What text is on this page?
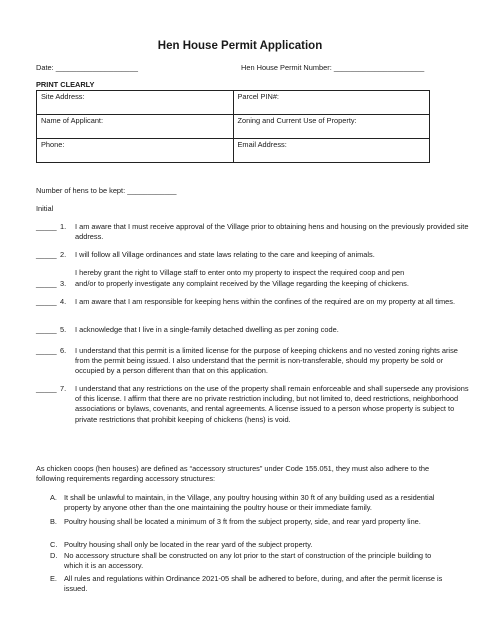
Hen House Permit Application
Date: ____________________	Hen House Permit Number: ______________________
PRINT CLEARLY
Site Address:	Parcel PIN#:
Name of Applicant:	Zoning and Current Use of Property:
Phone:	Email Address:
Number of hens to be kept: ____________
Initial
_____ 1. I am aware that I must receive approval of the Village prior to obtaining hens and housing on the previously provided site address.
_____ 2. I will follow all Village ordinances and state laws relating to the care and keeping of animals.
I hereby grant the right to Village staff to enter onto my property to inspect the required coop and pen
_____ 3. and/or to properly investigate any complaint received by the Village regarding the keeping of chickens.
_____ 4. I am aware that I am responsible for keeping hens within the confines of the required are on my property at all times.
_____ 5. I acknowledge that I live in a single-family detached dwelling as per zoning code.
_____ 6. I understand that this permit is a limited license for the purpose of keeping chickens and no vested zoning rights arise from the permit being issued. I also understand that the permit is non-transferable, should my property be sold or occupied by a person different than that on this application.
_____ 7. I understand that any restrictions on the use of the property shall remain enforceable and shall supersede any provisions of this license. I affirm that there are no private restriction including, but not limited to, deed restrictions, neighborhood associations or bylaws, covenants, and rental agreements. A license issued to a person whose property is subject to private restrictions that prohibit keeping of chickens (hens) is void.
As chicken coops (hen houses) are defined as “accessory structures” under Code 155.051, they must also adhere to the following requirements regarding accessory structures:
A. It shall be unlawful to maintain, in the Village, any poultry housing within 30 ft of any building used as a residential property by anyone other than the one maintaining the poultry house or their immediate family.
B. Poultry housing shall be located a minimum of 3 ft from the subject property, side, and rear yard property line.
C. Poultry housing shall only be located in the rear yard of the subject property.
D. No accessory structure shall be constructed on any lot prior to the start of construction of the principle building to which it is an accessory.
E. All rules and regulations within Ordinance 2021-05 shall be adhered to before, during, and after the permit license is issued.
